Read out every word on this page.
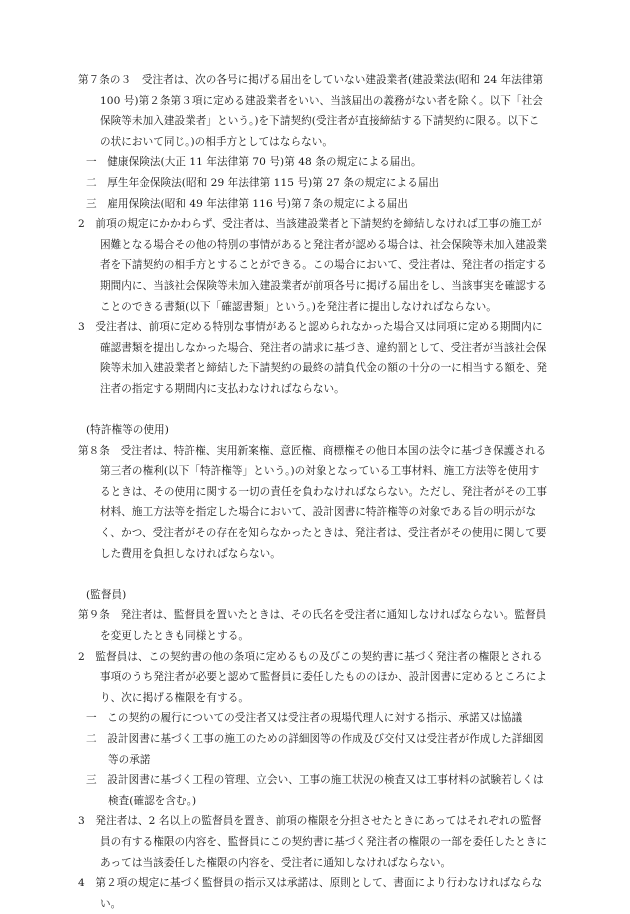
第７条の３　受注者は、次の各号に掲げる届出をしていない建設業者(建設業法(昭和 24 年法律第 100 号)第２条第３項に定める建設業者をいい、当該届出の義務がない者を除く。以下「社会保険等未加入建設業者」という。)を下請契約(受注者が直接締結する下請契約に限る。以下この状において同じ。)の相手方としてはならない。

一　健康保険法(大正 11 年法律第 70 号)第 48 条の規定による届出。

二　厚生年金保険法(昭和 29 年法律第 115 号)第 27 条の規定による届出

三　雇用保険法(昭和 49 年法律第 116 号)第７条の規定による届出

2　前項の規定にかかわらず、受注者は、当該建設業者と下請契約を締結しなければ工事の施工が困難となる場合その他の特別の事情があると発注者が認める場合は、社会保険等未加入建設業者を下請契約の相手方とすることができる。この場合において、受注者は、発注者の指定する期間内に、当該社会保険等未加入建設業者が前項各号に掲げる届出をし、当該事実を確認することのできる書類(以下「確認書類」という。)を発注者に提出しなければならない。

3　受注者は、前項に定める特別な事情があると認められなかった場合又は同項に定める期間内に確認書類を提出しなかった場合、発注者の請求に基づき、違約罰として、受注者が当該社会保険等未加入建設業者と締結した下請契約の最終の請負代金の額の十分の一に相当する額を、発注者の指定する期間内に支払わなければならない。

(特許権等の使用)

第８条　受注者は、特許権、実用新案権、意匠権、商標権その他日本国の法令に基づき保護される第三者の権利(以下「特許権等」という。)の対象となっている工事材料、施工方法等を使用するときは、その使用に関する一切の責任を負わなければならない。ただし、発注者がその工事材料、施工方法等を指定した場合において、設計図書に特許権等の対象である旨の明示がなく、かつ、受注者がその存在を知らなかったときは、発注者は、受注者がその使用に関して要した費用を負担しなければならない。

(監督員)

第９条　発注者は、監督員を置いたときは、その氏名を受注者に通知しなければならない。監督員を変更したときも同様とする。

2　監督員は、この契約書の他の条項に定めるもの及びこの契約書に基づく発注者の権限とされる事項のうち発注者が必要と認めて監督員に委任したもののほか、設計図書に定めるところにより、次に掲げる権限を有する。

一　この契約の履行についての受注者又は受注者の現場代理人に対する指示、承諾又は協議

二　設計図書に基づく工事の施工のための詳細図等の作成及び交付又は受注者が作成した詳細図等の承諾

三　設計図書に基づく工程の管理、立会い、工事の施工状況の検査又は工事材料の試験若しくは検査(確認を含む。)

3　発注者は、2 名以上の監督員を置き、前項の権限を分担させたときにあってはそれぞれの監督員の有する権限の内容を、監督員にこの契約書に基づく発注者の権限の一部を委任したときにあっては当該委任した権限の内容を、受注者に通知しなければならない。

4　第２項の規定に基づく監督員の指示又は承諾は、原則として、書面により行わなければならない。
